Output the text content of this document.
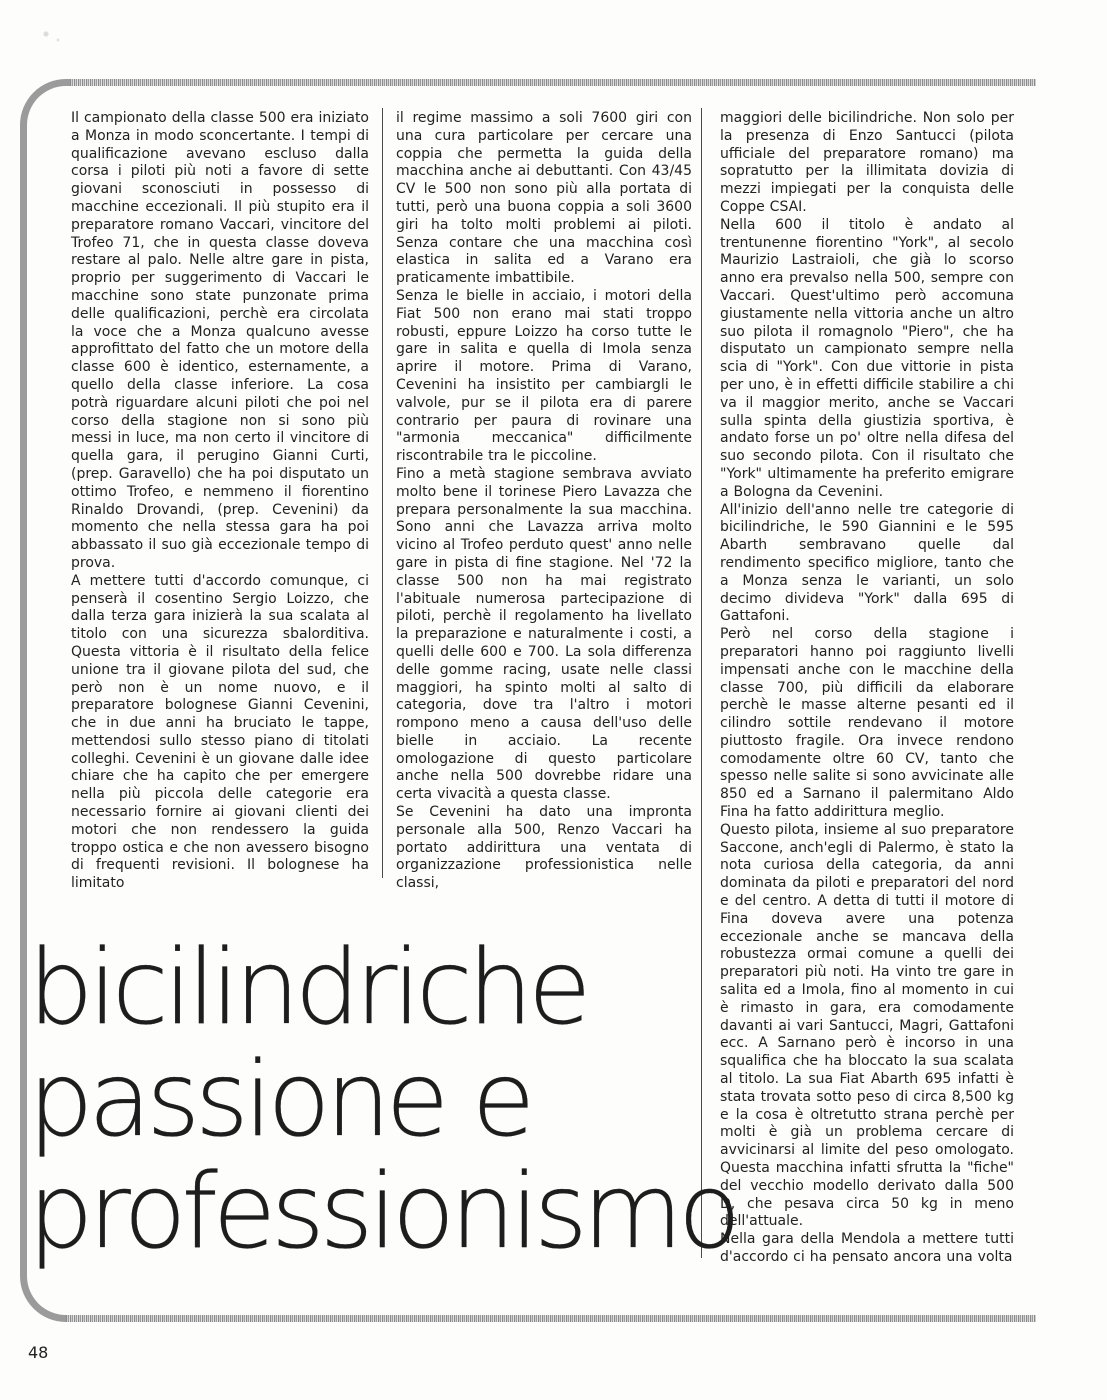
Il campionato della classe 500 era iniziato a Monza in modo sconcertante. I tempi di qualificazione avevano escluso dalla corsa i piloti più noti a favore di sette giovani sconosciuti in possesso di macchine eccezionali. Il più stupito era il preparatore romano Vaccari, vincitore del Trofeo 71, che in questa classe doveva restare al palo. Nelle altre gare in pista, proprio per suggerimento di Vaccari le macchine sono state punzonate prima delle qualificazioni, perchè era circolata la voce che a Monza qualcuno avesse approfittato del fatto che un motore della classe 600 è identico, esternamente, a quello della classe inferiore. La cosa potrà riguardare alcuni piloti che poi nel corso della stagione non si sono più messi in luce, ma non certo il vincitore di quella gara, il perugino Gianni Curti, (prep. Garavello) che ha poi disputato un ottimo Trofeo, e nemmeno il fiorentino Rinaldo Drovandi, (prep. Cevenini) da momento che nella stessa gara ha poi abbassato il suo già eccezionale tempo di prova.

A mettere tutti d'accordo comunque, ci penserà il cosentino Sergio Loizzo, che dalla terza gara inizierà la sua scalata al titolo con una sicurezza sbalorditiva. Questa vittoria è il risultato della felice unione tra il giovane pilota del sud, che però non è un nome nuovo, e il preparatore bolognese Gianni Cevenini, che in due anni ha bruciato le tappe, mettendosi sullo stesso piano di titolati colleghi. Cevenini è un giovane dalle idee chiare che ha capito che per emergere nella più piccola delle categorie era necessario fornire ai giovani clienti dei motori che non rendessero la guida troppo ostica e che non avessero bisogno di frequenti revisioni. Il bolognese ha limitato

il regime massimo a soli 7600 giri con una cura particolare per cercare una coppia che permetta la guida della macchina anche ai debuttanti. Con 43/45 CV le 500 non sono più alla portata di tutti, però una buona coppia a soli 3600 giri ha tolto molti problemi ai piloti. Senza contare che una macchina così elastica in salita ed a Varano era praticamente imbattibile.

Senza le bielle in acciaio, i motori della Fiat 500 non erano mai stati troppo robusti, eppure Loizzo ha corso tutte le gare in salita e quella di Imola senza aprire il motore. Prima di Varano, Cevenini ha insistito per cambiargli le valvole, pur se il pilota era di parere contrario per paura di rovinare una "armonia meccanica" difficilmente riscontrabile tra le piccoline.

Fino a metà stagione sembrava avviato molto bene il torinese Piero Lavazza che prepara personalmente la sua macchina. Sono anni che Lavazza arriva molto vicino al Trofeo perduto quest' anno nelle gare in pista di fine stagione. Nel '72 la classe 500 non ha mai registrato l'abituale numerosa partecipazione di piloti, perchè il regolamento ha livellato la preparazione e naturalmente i costi, a quelli delle 600 e 700. La sola differenza delle gomme racing, usate nelle classi maggiori, ha spinto molti al salto di categoria, dove tra l'altro i motori rompono meno a causa dell'uso delle bielle in acciaio. La recente omologazione di questo particolare anche nella 500 dovrebbe ridare una certa vivacità a questa classe.

Se Cevenini ha dato una impronta personale alla 500, Renzo Vaccari ha portato addirittura una ventata di organizzazione professionistica nelle classi,

maggiori delle bicilindriche. Non solo per la presenza di Enzo Santucci (pilota ufficiale del preparatore romano) ma sopratutto per la illimitata dovizia di mezzi impiegati per la conquista delle Coppe CSAI.

Nella 600 il titolo è andato al trentunenne fiorentino "York", al secolo Maurizio Lastraioli, che già lo scorso anno era prevalso nella 500, sempre con Vaccari. Quest'ultimo però accomuna giustamente nella vittoria anche un altro suo pilota il romagnolo "Piero", che ha disputato un campionato sempre nella scia di "York". Con due vittorie in pista per uno, è in effetti difficile stabilire a chi va il maggior merito, anche se Vaccari sulla spinta della giustizia sportiva, è andato forse un po' oltre nella difesa del suo secondo pilota. Con il risultato che "York" ultimamente ha preferito emigrare a Bologna da Cevenini.

All'inizio dell'anno nelle tre categorie di bicilindriche, le 590 Giannini e le 595 Abarth sembravano quelle dal rendimento specifico migliore, tanto che a Monza senza le varianti, un solo decimo divideva "York" dalla 695 di Gattafoni.

Però nel corso della stagione i preparatori hanno poi raggiunto livelli impensati anche con le macchine della classe 700, più difficili da elaborare perchè le masse alterne pesanti ed il cilindro sottile rendevano il motore piuttosto fragile. Ora invece rendono comodamente oltre 60 CV, tanto che spesso nelle salite si sono avvicinate alle 850 ed a Sarnano il palermitano Aldo Fina ha fatto addirittura meglio.

Questo pilota, insieme al suo preparatore Saccone, anch'egli di Palermo, è stato la nota curiosa della categoria, da anni dominata da piloti e preparatori del nord e del centro. A detta di tutti il motore di Fina doveva avere una potenza eccezionale anche se mancava della robustezza ormai comune a quelli dei preparatori più noti. Ha vinto tre gare in salita ed a Imola, fino al momento in cui è rimasto in gara, era comodamente davanti ai vari Santucci, Magri, Gattafoni ecc. A Sarnano però è incorso in una squalifica che ha bloccato la sua scalata al titolo. La sua Fiat Abarth 695 infatti è stata trovata sotto peso di circa 8,500 kg e la cosa è oltretutto strana perchè per molti è già un problema cercare di avvicinarsi al limite del peso omologato. Questa macchina infatti sfrutta la "fiche" del vecchio modello derivato dalla 500 D, che pesava circa 50 kg in meno dell'attuale.

Nella gara della Mendola a mettere tutti d'accordo ci ha pensato ancora una volta

bicilindriche
passione e
professionismo
48
